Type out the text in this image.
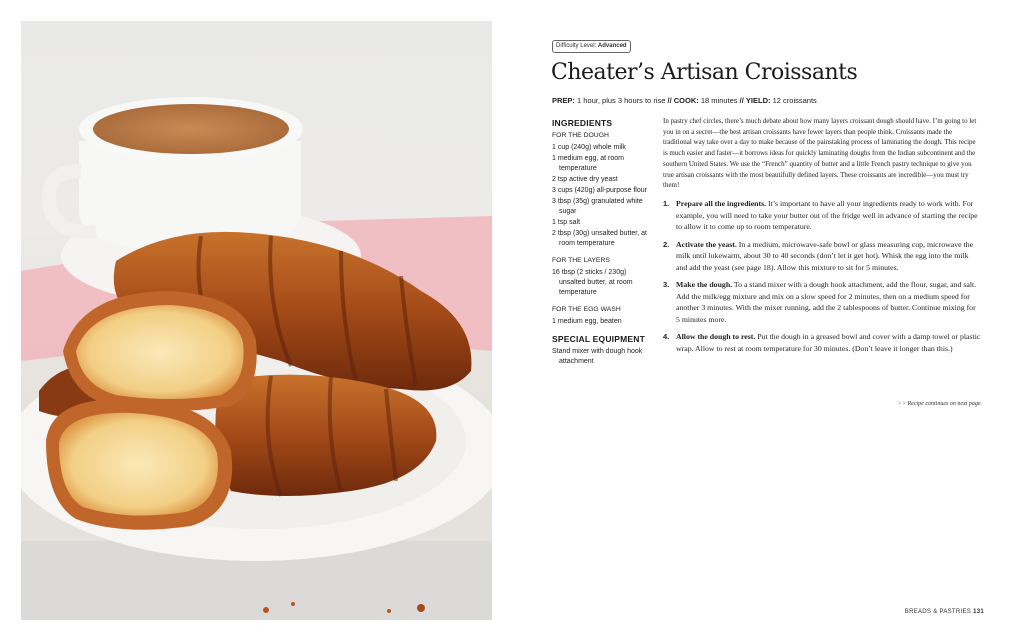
Difficulty Level: Advanced
Cheater’s Artisan Croissants
PREP: 1 hour, plus 3 hours to rise // COOK: 18 minutes // YIELD: 12 croissants
INGREDIENTS
FOR THE DOUGH
1 cup (240g) whole milk
1 medium egg, at room temperature
2 tsp active dry yeast
3 cups (420g) all-purpose flour
3 tbsp (35g) granulated white sugar
1 tsp salt
2 tbsp (30g) unsalted butter, at room temperature
FOR THE LAYERS
16 tbsp (2 sticks / 230g) unsalted butter, at room temperature
FOR THE EGG WASH
1 medium egg, beaten
SPECIAL EQUIPMENT
Stand mixer with dough hook attachment
In pastry chef circles, there’s much debate about how many layers croissant dough should have. I’m going to let you in on a secret—the best artisan croissants have fewer layers than people think. Croissants made the traditional way take over a day to make because of the painstaking process of laminating the dough. This recipe is much easier and faster—it borrows ideas for quickly laminating doughs from the Indian subcontinent and the southern United States. We use the “French” quantity of butter and a little French pastry technique to give you true artisan croissants with the most beautifully defined layers. These croissants are incredible—you must try them!
1. Prepare all the ingredients. It’s important to have all your ingredients ready to work with. For example, you will need to take your butter out of the fridge well in advance of starting the recipe to allow it to come up to room temperature.
2. Activate the yeast. In a medium, microwave-safe bowl or glass measuring cup, microwave the milk until lukewarm, about 30 to 40 seconds (don’t let it get hot). Whisk the egg into the milk and add the yeast (see page 18). Allow this mixture to sit for 5 minutes.
3. Make the dough. To a stand mixer with a dough hook attachment, add the flour, sugar, and salt. Add the milk/egg mixture and mix on a slow speed for 2 minutes, then on a medium speed for another 3 minutes. With the mixer running, add the 2 tablespoons of butter. Continue mixing for 5 minutes more.
4. Allow the dough to rest. Put the dough in a greased bowl and cover with a damp towel or plastic wrap. Allow to rest at room temperature for 30 minutes. (Don’t leave it longer than this.)
>> Recipe continues on next page.
BREADS & PASTRIES 131
